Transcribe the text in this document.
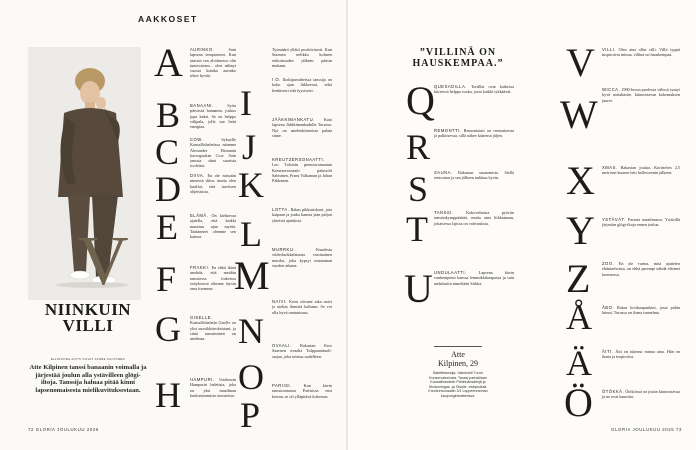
AAKKOSET
V
NIINKUIN
VILLI
ELLINOORA AUTTI KUVAT JANNE KALTONEN
Atte Kilpinen tanssi banaanin voimalla ja järjestää joulun alla ystävilleen glögi-iltoja. Tanssija haluaa pitää kinni lapsenomaisesta mielikuvituksestaan.
A
B
C
D
E
F
G
H
AURINKO.	Sain lapsena tempiaiseni. Kun tanssin sen aloittaessa olin tuntevainen... olen nähnyt vuosia kuinka aurinko tekee hyvää.
BANAANI.	Syön päivässä banaanin, joskus jopa kaksi. Se on helppo välipala, jolla saa lisää energiaa.
COW.	Sykaylle Kansallisbaletissa näimme Alexander Ekmanin koreografian Cow. Sain tanssia siinä suurista rooleista.
DIIVA. En ole missään nimessä diiva, mutta olen kuullut, että tarvitsen ohjeistusta.
ELÄMÄ. On kiehtovaa ajatella, että kaikki muuttuu ajan myötä. Taidanneet olemme sen kanssa.
FRAKKI. En ehkä ikinä unohda, että meidän tanssiessa frakeissa esityksessä olimme täysin oma itsemme.
GISELLE. Kansallisbaletin Giselle on yksi suosikkiteoksistani, ja siinä tanssiminen on unelmaa.
HAMPURI. Unelmoin Hampurin baletista, joka on yksi maailman kuuluisimmista seurueista.
I
J
K
L
M
N
O
P
Työmäärä yllätti positiivisesti. Kun Suomen nelikko kolmen erikoisuuden jälkeen pääsin mukaan.
I.O. Ikokipuvaiheissa tanssija on koko ajan liikkeessä, sekä henkisesti että fyysisesti.
JÄÄKKIMANKATU. Kato lapsena Jääkkimankadulla Turussa. Nyt on mielenkiintoista palata sinne.
KREUTZERSONAATTI. Leo Tolstoin pienoisromaanin Kreutzersonaatti pääroolit Salminen, Frans Valkaman ja Johan Pakkanen.
LOTTA. Rakas pikkusiskoni, jota kaipaan ja jonka kanssa jaan paljon yhteisiä ajatuksia.
MURRKU.	Kuudesta viidesluokkalaisena varsinainen murrku, joka kypsyi muutaman vuoden aikana.
NAIVI. Koen olevani aika naivi ja utelias ihmisiä kohtaan. Se voi olla hyvä ominaisuus.
OVAALI. Rakastan Eero Saarisen ovaalia Tulppaanituoli-sarjaa, joka toistuu uudelleen.
PARIISI.	Kun kävin tanssioomassa Pariisissa ensi kerran, se oli ylläpitävä kokemus.
72 GLORIA JOULUKUU 2025
”VILLINÄ ON HAUSKEMPAA.”
Q
R
S
T
U
QUESADILLA. Tortillat ovat kaikessa kiireessä helppo ruoka, josta kaikki tykkäävät.
REMONTTI. Remontointi on rentouttavaa ja palkitsevaa, sillä näkee kättensä jäljen.
SAUNA. Rakastan saunomista. Siellä rentoutuu ja sen jälkeen nukkuu hyvin.
TANSSI.	Kokovaltaisia pyöriin tanssinkymppäättää, mutta aina liikkumaan, jokaisessa lajissa on vahvuuksia.
UNDULAATTI.	Lapsena kävin vanhempieni kanssa lemmikkikaupassa ja sain undulaatin nimeltään Sirkka.
Atte
Kilpinen, 29
Balettitanssija. Valmistuit Turun Konservatoriosta. Tanssi parhaillaan Kansallisbaletin Pähkinänsärkijä ja Hirokuningas -ja Giselle -esityksissä. Kreutzersonaatin 3/1 Lappeenrannan kaupunginteatterissa.
V
W
X
Y
Z
Å
Ä
Ö
VILLI. Olen aina ollut villi. Villit typpit inspiroivat minua, villinä on hauskempaa.
WICCA. 1990-luvun puolessa välissä syntyi hyvä noitakäsite, kiinnostavan kokemuksen juuret.
XMAS. Rakastan joulua. Koristelen 2,5 metrisen kuusen heti halloweenin jälkeen.
YSTÄVÄT. Parasta maailmassa. Ystävillä järjestän glögi-iltoja ennen joulua.
ZOO. En ole varma, mitä ajattelen eläintarhoista, on ehkä parempi nähdä eläimet luonnossa.
ÅBO. Rakas kotikaupunkini, josta pidän kiinni. Turussa on ihana tunnelma.
ÄITI. Äiti on tukenut minua aina. Hän on ihana ja inspiroiva.
ÖTÖKKÄ. Ötököissä on jotain kiinnostavaa ja ne ovat kauniita.
GLORIA JOULUKUU 2025 73
